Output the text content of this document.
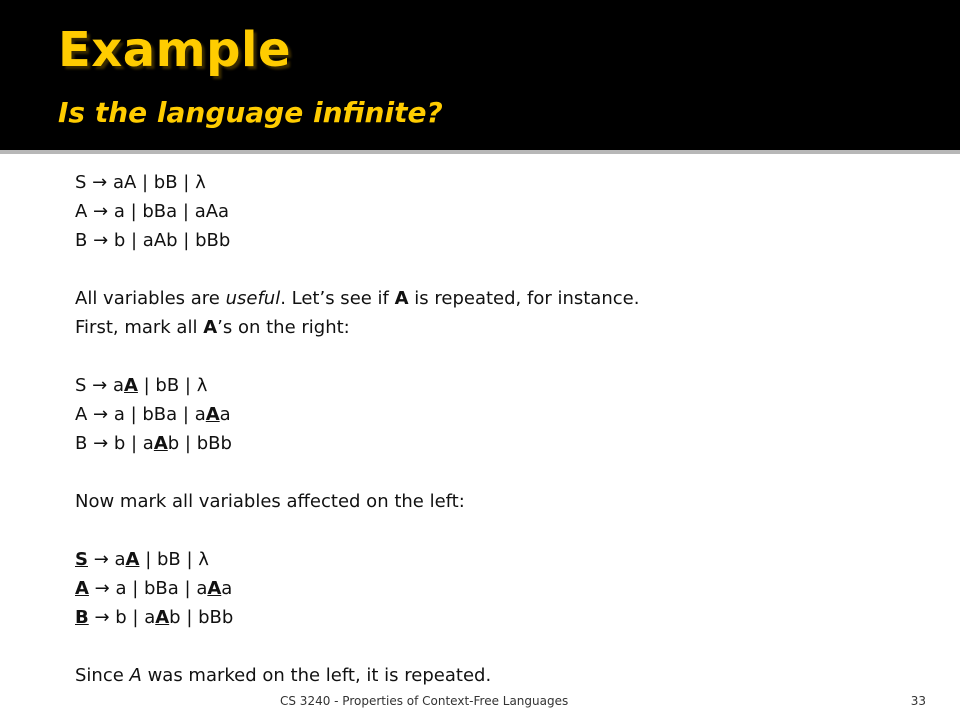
Example
Is the language infinite?
S → aA | bB | λ
A → a | bBa | aAa
B → b | aAb | bBb
All variables are useful. Let’s see if A is repeated, for instance.
First, mark all A’s on the right:
S → aA | bB | λ
A → a | bBa | aAa
B → b | aAb | bBb
Now mark all variables affected on the left:
S → aA | bB | λ
A → a | bBa | aAa
B → b | aAb | bBb
Since A was marked on the left, it is repeated.
CS 3240 - Properties of Context-Free Languages	33
